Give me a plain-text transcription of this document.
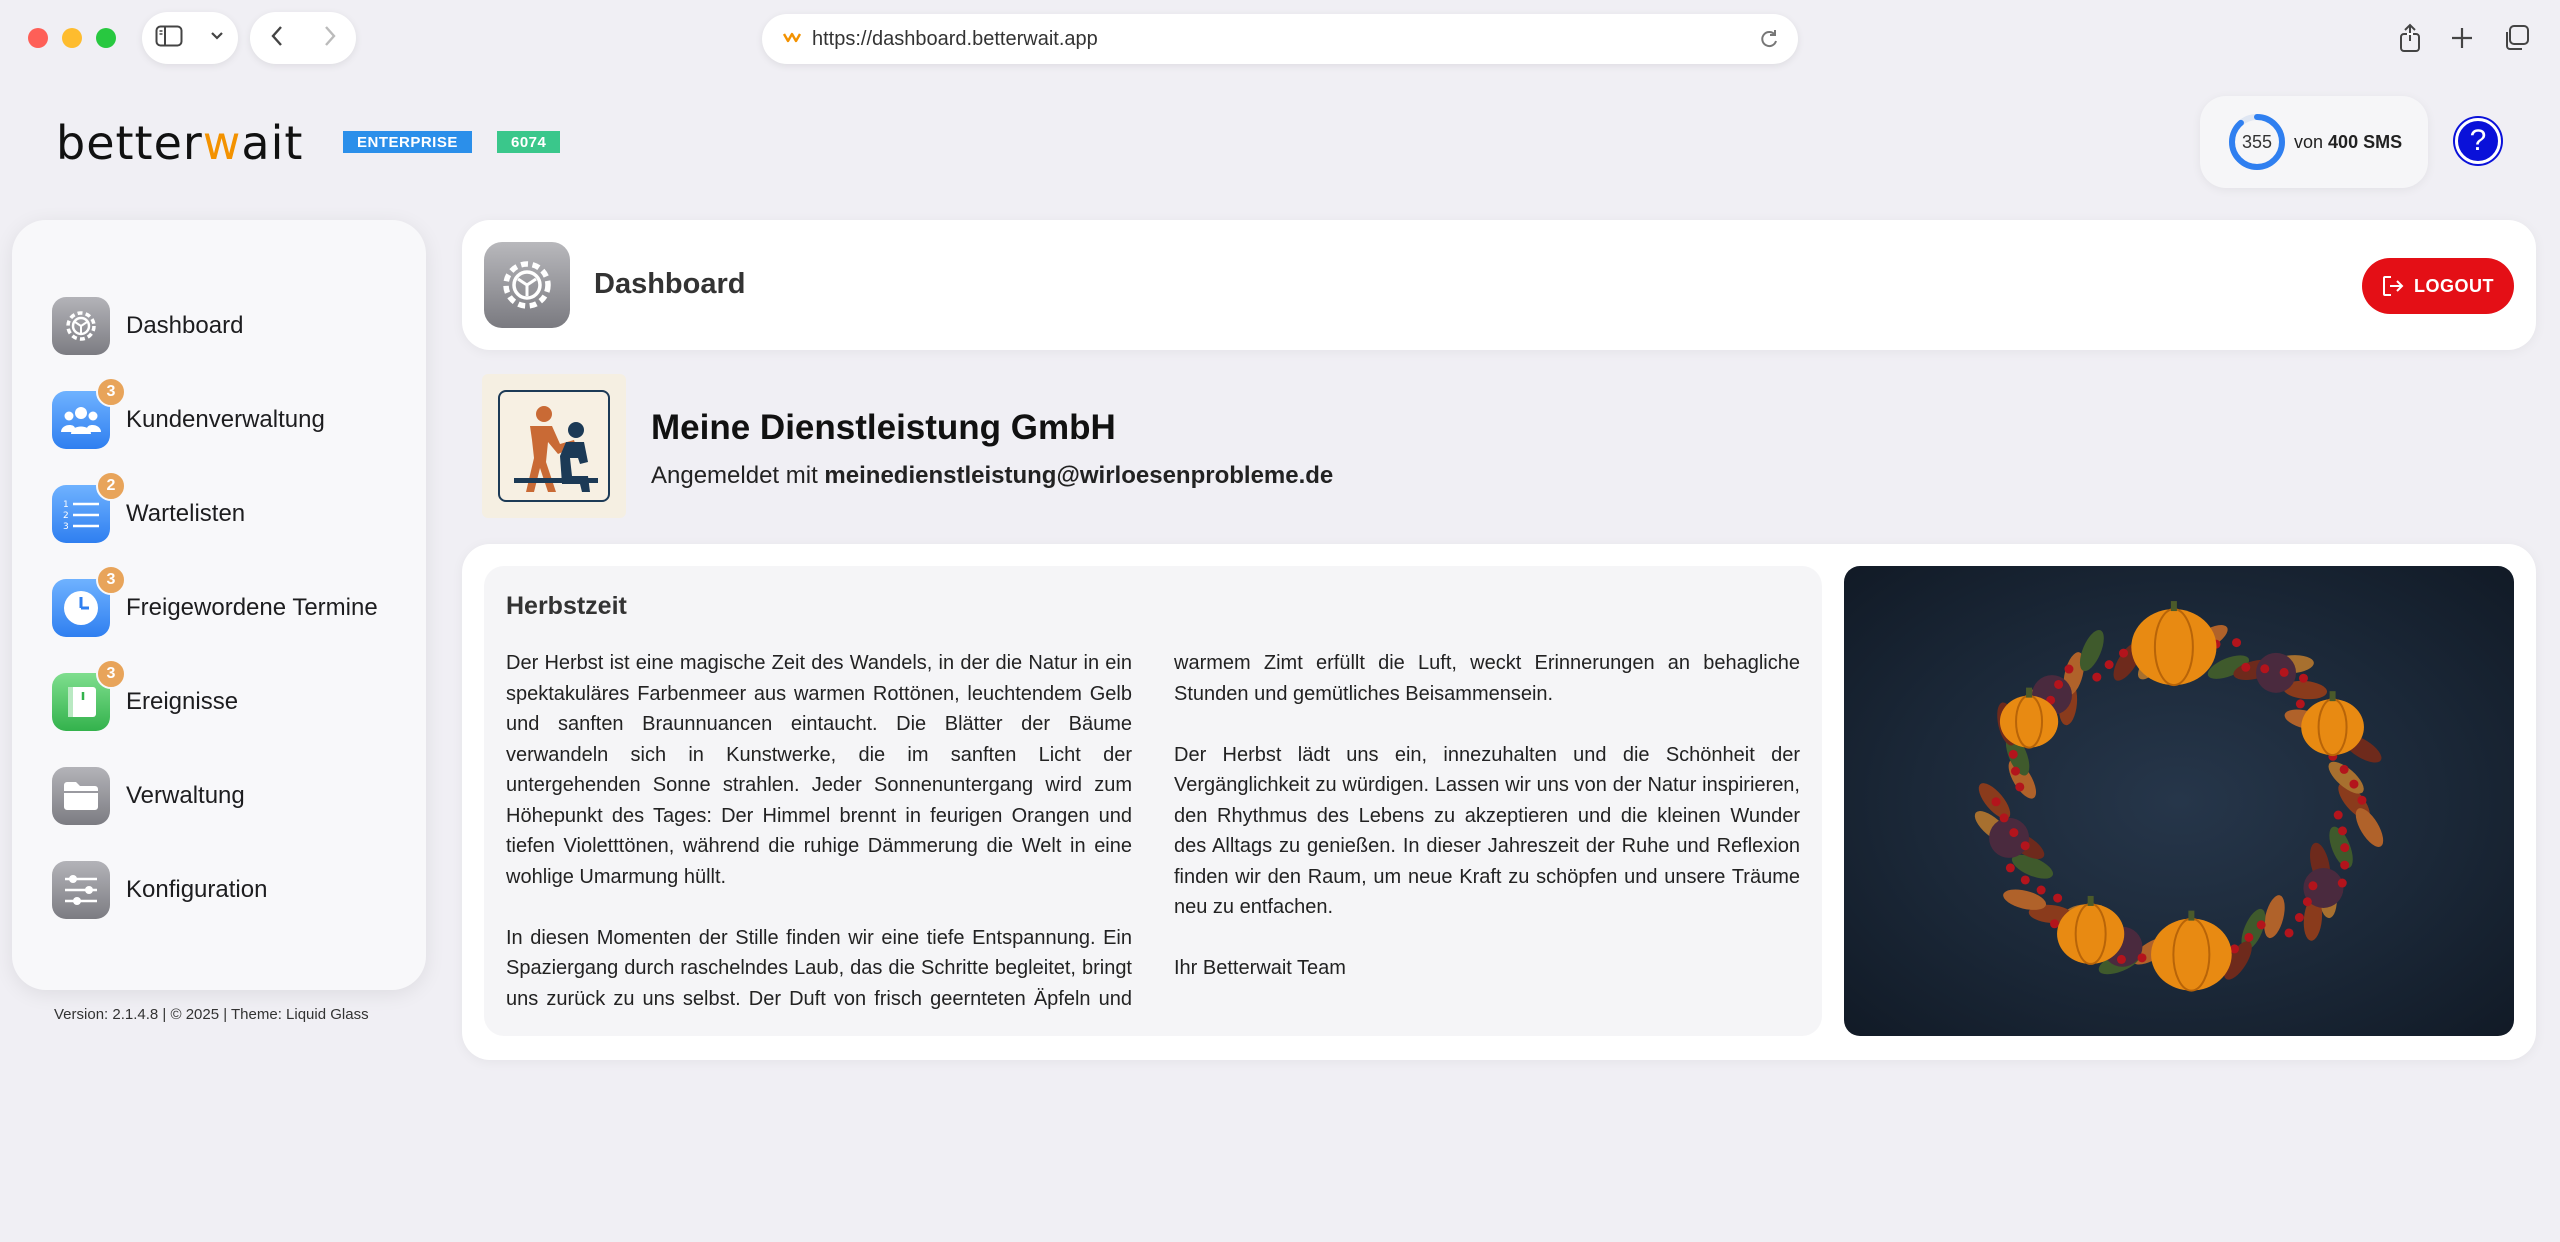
https://dashboard.betterwait.app
better w ait	ENTERPRISE	6074	355	von 400 SMS	?
Dashboard
3
Kundenverwaltung
1
2
3
2
Wartelisten
3
Freigewordene Termine
3
Ereignisse
Verwaltung
Konfiguration
Version: 2.1.4.8 | © 2025 | Theme: Liquid Glass
Dashboard	LOGOUT
Meine Dienstleistung GmbH
Angemeldet mit meinedienstleistung@wirloesenprobleme.de
Herbstzeit

Der Herbst ist eine magische Zeit des Wandels, in der die Natur in ein spektakuläres Farbenmeer aus warmen Rottönen, leuchtendem Gelb und sanften Braunnuancen eintaucht. Die Blätter der Bäume verwandeln sich in Kunstwerke, die im sanften Licht der untergehenden Sonne strahlen. Jeder Sonnenuntergang wird zum Höhepunkt des Tages: Der Himmel brennt in feurigen Orangen und tiefen Violetttönen, während die ruhige Dämmerung die Welt in eine wohlige Umarmung hüllt.

In diesen Momenten der Stille finden wir eine tiefe Entspannung. Ein Spaziergang durch raschelndes Laub, das die Schritte begleitet, bringt uns zurück zu uns selbst. Der Duft von frisch geernteten Äpfeln und warmem Zimt erfüllt die Luft, weckt Erinnerungen an behagliche Stunden und gemütliches Beisammensein.

Der Herbst lädt uns ein, innezuhalten und die Schönheit der Vergänglichkeit zu würdigen. Lassen wir uns von der Natur inspirieren, den Rhythmus des Lebens zu akzeptieren und die kleinen Wunder des Alltags zu genießen. In dieser Jahreszeit der Ruhe und Reflexion finden wir den Raum, um neue Kraft zu schöpfen und unsere Träume neu zu entfachen.

Ihr Betterwait Team
